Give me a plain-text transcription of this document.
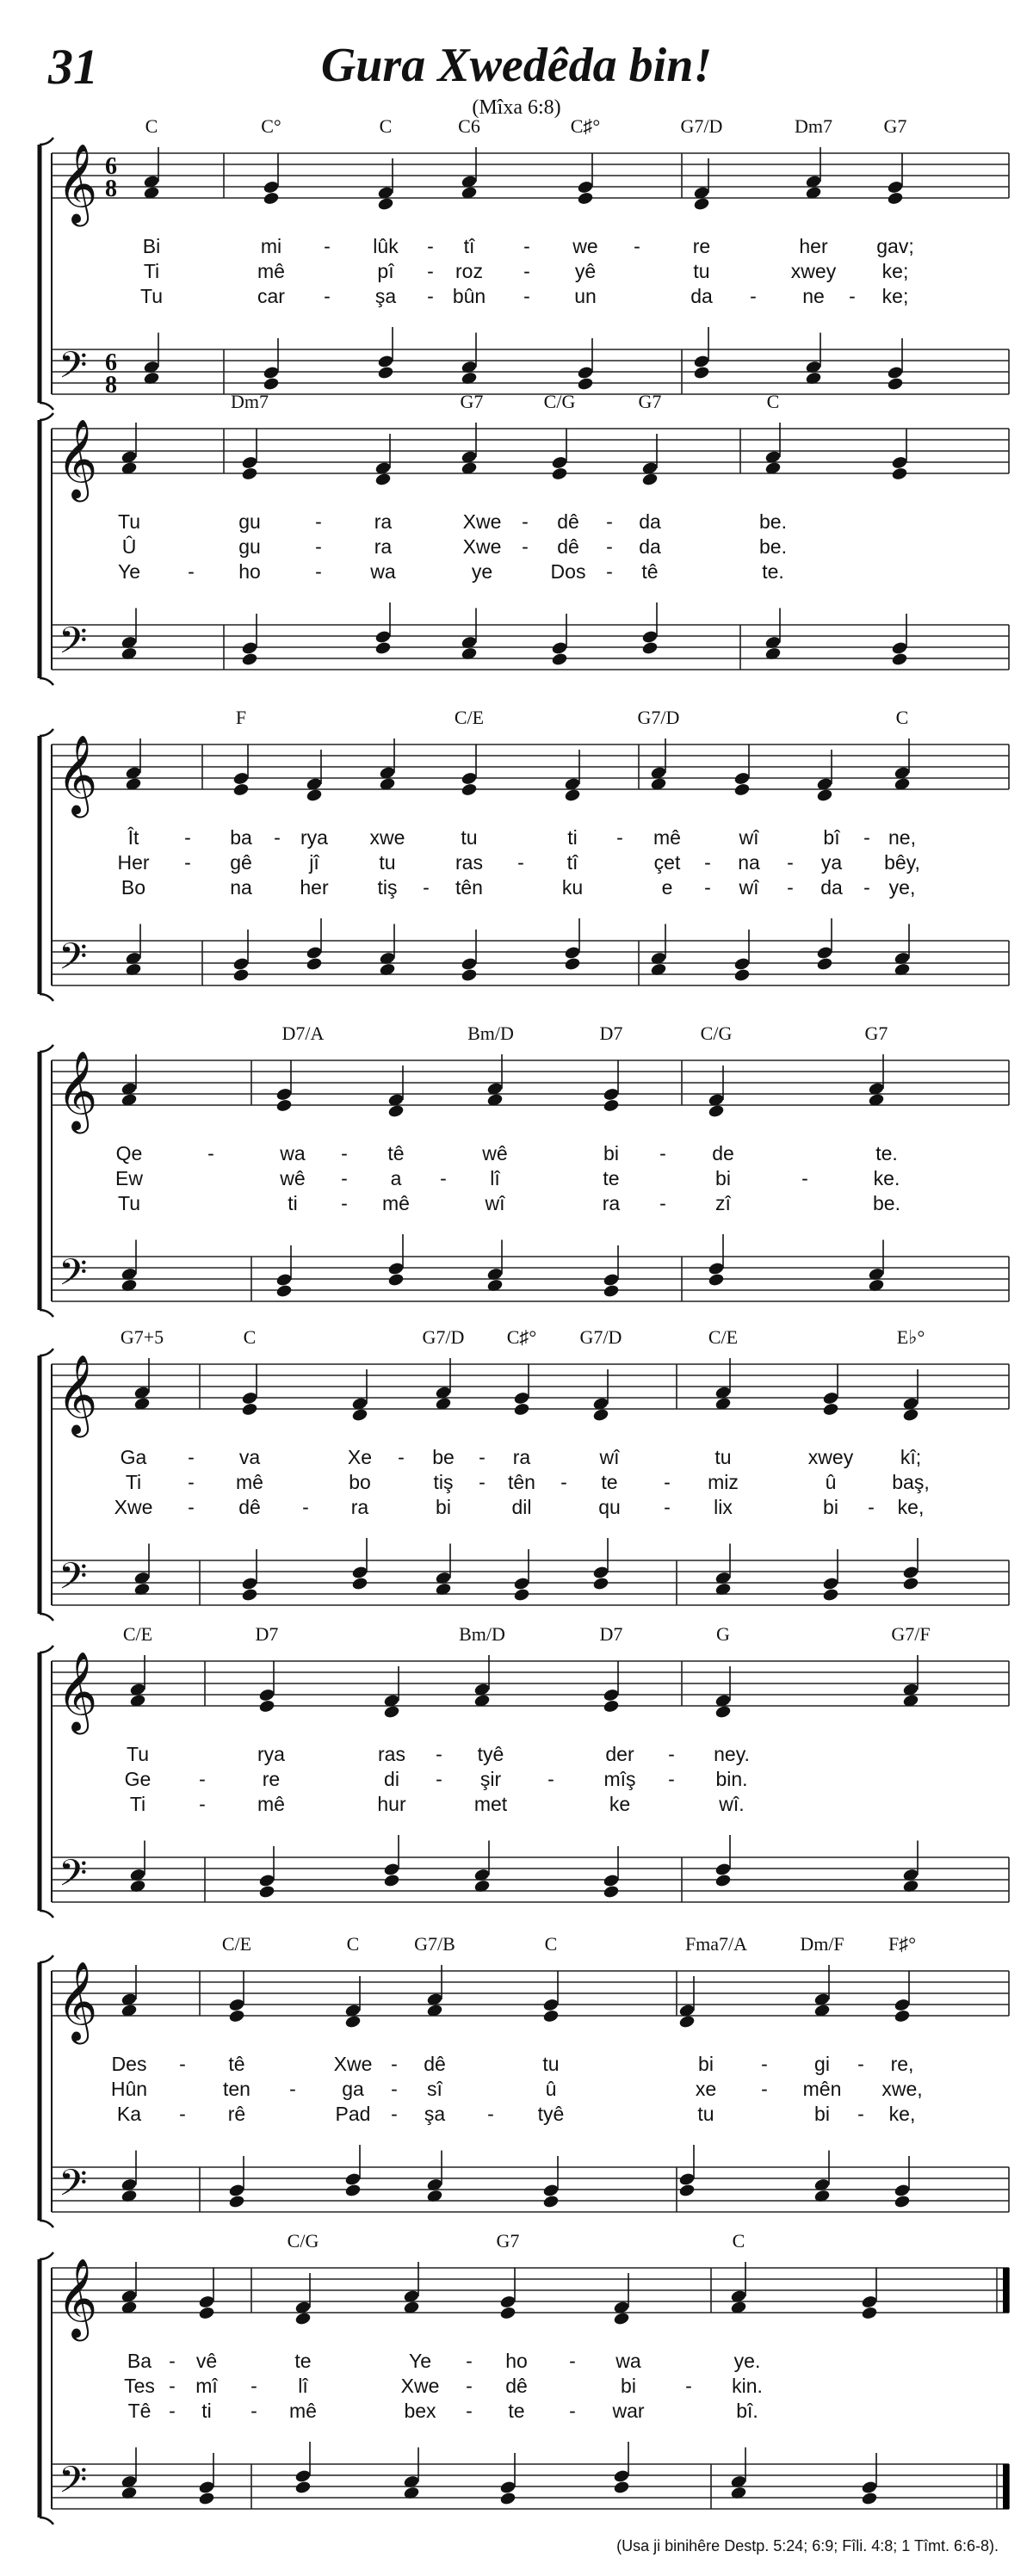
31	Gura Xwedêda bin!
(Mîxa 6:8)
𝄞
𝄢
6
8
6
8
C	C°	C	C6	C♯°	G7/D	Dm7	G7
Bi	mi	lûk	tî	we	re	her gav;
-	-	-	-
Ti	mê	pî	roz	yê	tu	xwey ke;
-	-
Tu	car	şa	bûn	un	da	ne	ke;
-	-	-	-	-
𝄞
𝄢
Dm7	G7	C/G	G7	C
Tu	gu	ra	Xwe	dê	da	be.
-	-	-
Û	gu	ra	Xwe	dê	da	be.
-	-	-
Ye	ho	wa	ye	Dos	tê	te.
-	-	-
𝄞
𝄢
F	C/E	G7/D	C
Ît	ba rya xwe	tu	ti	mê	wî	bî ne,
-	-	-	-
Her	gê	jî	tu	ras	tî	çet	na	ya bêy,
-	-	-	-
Bo	na her tiş	tên	ku	e	wî	da ye,
-	-	-	-
𝄞
𝄢
D7/A	Bm/D	D7	C/G	G7
Qe	wa	tê	wê	bi	de	te.
-	-	-
Ew	wê	a	lî	te	bi	ke.
-	-	-
Tu	ti	mê	wî	ra	zî	be.
-	-
𝄞
𝄢
G7+5	C	G7/D C♯° G7/D	C/E	E♭°
Ga	va	Xe	be	ra	wî	tu	xwey kî;
-	-	-
Ti	mê	bo	tiş	tên	te	miz	û	baş,
-	-	-	-
Xwe	dê	ra	bi	dil	qu	lix	bi	ke,
-	-	-	-
𝄞
𝄢
C/E	D7	Bm/D	D7	G	G7/F
Tu	rya	ras	tyê	der	ney.
-	-
Ge	re	di	şir	mîş	bin.
-	-	-	-
Ti	mê	hur	met	ke	wî.
-
𝄞
𝄢
C/E	C	G7/B	C	Fma7/A	Dm/F F♯°
Des	tê	Xwe	dê	tu	bi	gi	re,
-	-	-	-
Hûn	ten	ga	sî	û	xe	mên xwe,
-	-	-
Ka	rê	Pad	şa	tyê	tu	bi	ke,
-	-	-	-
𝄞
𝄢
C/G	G7	C
Ba vê	te	Ye	ho	wa	ye.
-	-	-
Tes mî	lî	Xwe	dê	bi	kin.
-	-	-	-
Tê	ti	mê	bex	te	war	bî.
-	-	-	-
(Usa ji binihêre Destp. 5:24; 6:9; Fîli. 4:8; 1 Tîmt. 6:6-8).
